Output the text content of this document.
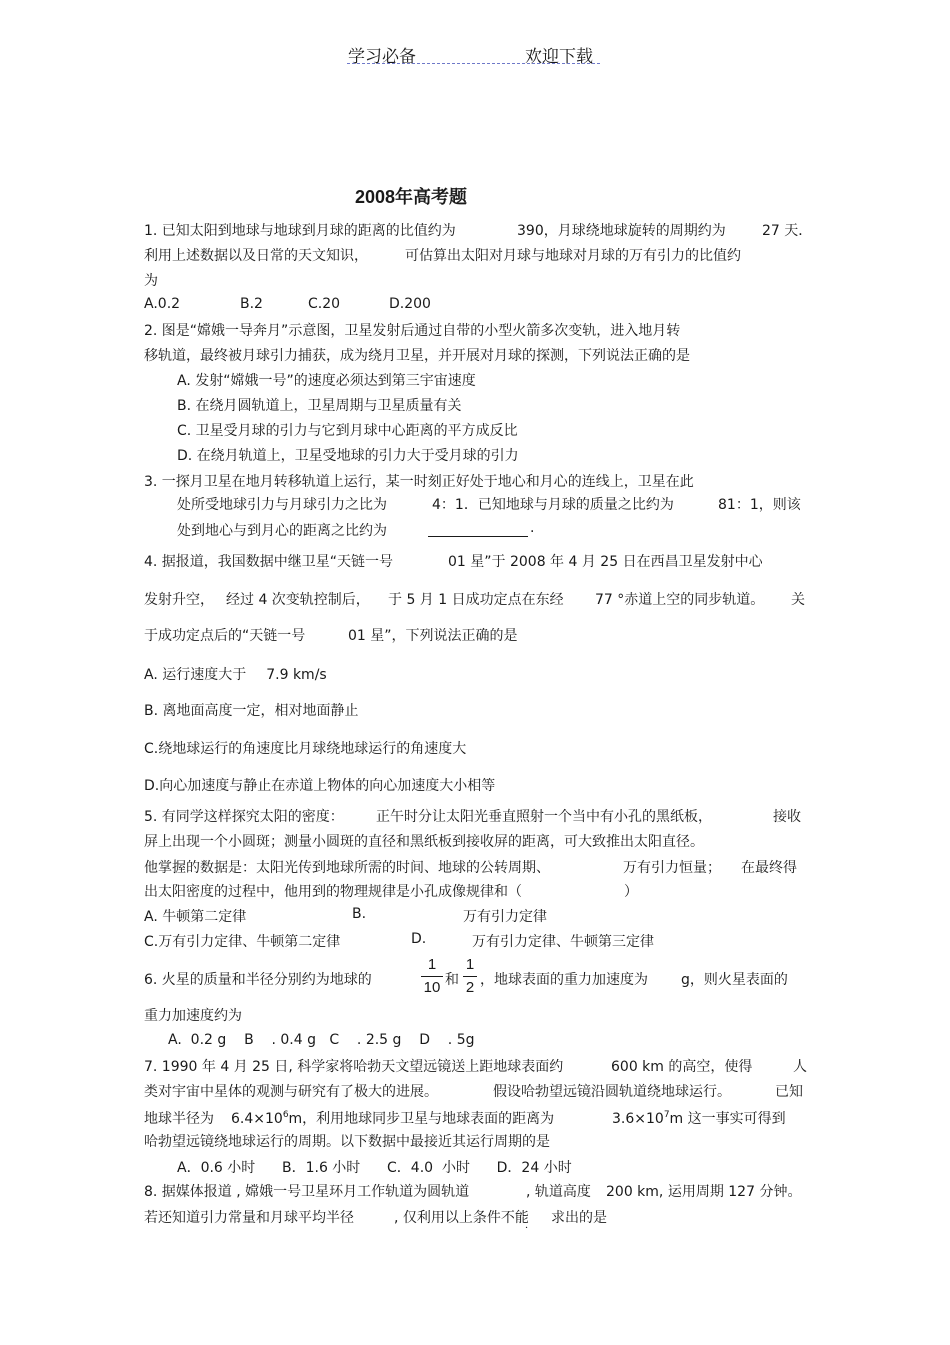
学习必备	欢迎下载
2008年高考题
1. 已知太阳到地球与地球到月球的距离的比值约为	390，月球绕地球旋转的周期约为	27 天．
利用上述数据以及日常的天文知识，	可估算出太阳对月球与地球对月球的万有引力的比值约
为
A.0.2	B.2	C.20	D.200
2. 图是“嫦娥一导奔月”示意图，卫星发射后通过自带的小型火箭多次变轨，进入地月转
移轨道，最终被月球引力捕获，成为绕月卫星，并开展对月球的探测，下列说法正确的是
A. 发射“嫦娥一号”的速度必须达到第三宇宙速度
B. 在绕月圆轨道上，卫星周期与卫星质量有关
C. 卫星受月球的引力与它到月球中心距离的平方成反比
D. 在绕月轨道上，卫星受地球的引力大于受月球的引力
3. 一探月卫星在地月转移轨道上运行，某一时刻正好处于地心和月心的连线上，卫星在此
处所受地球引力与月球引力之比为	4：1．已知地球与月球的质量之比约为	81：1，则该
处到地心与到月心的距离之比约为	.
4. 据报道，我国数据中继卫星“天链一号	01 星”于 2008 年 4 月 25 日在西昌卫星发射中心
发射升空， 经过 4 次变轨控制后， 于 5 月 1 日成功定点在东经 77 °赤道上空的同步轨道。 关
于成功定点后的“天链一号	01 星”，下列说法正确的是
A. 运行速度大于 7.9 km/s
B. 离地面高度一定，相对地面静止
C.绕地球运行的角速度比月球绕地球运行的角速度大
D.向心加速度与静止在赤道上物体的向心加速度大小相等
5. 有同学这样探究太阳的密度： 正午时分让太阳光垂直照射一个当中有小孔的黑纸板，	接收
屏上出现一个小圆斑；测量小圆斑的直径和黑纸板到接收屏的距离，可大致推出太阳直径。
他掌握的数据是：太阳光传到地球所需的时间、地球的公转周期、	万有引力恒量； 在最终得
出太阳密度的过程中，他用到的物理规律是小孔成像规律和（	）
A. 牛顿第二定律	B.	万有引力定律
C.万有引力定律、牛顿第二定律	D.	万有引力定律、牛顿第三定律
6. 火星的质量和半径分别约为地球的
1
10 和
1
2 ，地球表面的重力加速度为 g，则火星表面的
重力加速度约为
A.  0.2 g    B    . 0.4 g   C    . 2.5 g    D    . 5g
7. 1990 年 4 月 25 日, 科学家将哈勃天文望远镜送上距地球表面约	600 km 的高空，使得	人
类对宇宙中星体的观测与研究有了极大的进展。	假设哈勃望远镜沿圆轨道绕地球运行。	已知
地球半径为 $6.4\times 10^6m$，利用地球同步卫星与地球表面的距离为	$3.6\times 10^7m$ 这一事实可得到
哈勃望远镜绕地球运行的周期。以下数据中最接近其运行周期的是
A．0.6 小时      B．1.6 小时      C．4.0  小时      D．24 小时
8. 据媒体报道 , 嫦娥一号卫星环月工作轨道为圆轨道	, 轨道高度 200 km, 运用周期 127 分钟。
若还知道引力常量和月球平均半径	, 仅利用以上条件不能
． 求出的是
